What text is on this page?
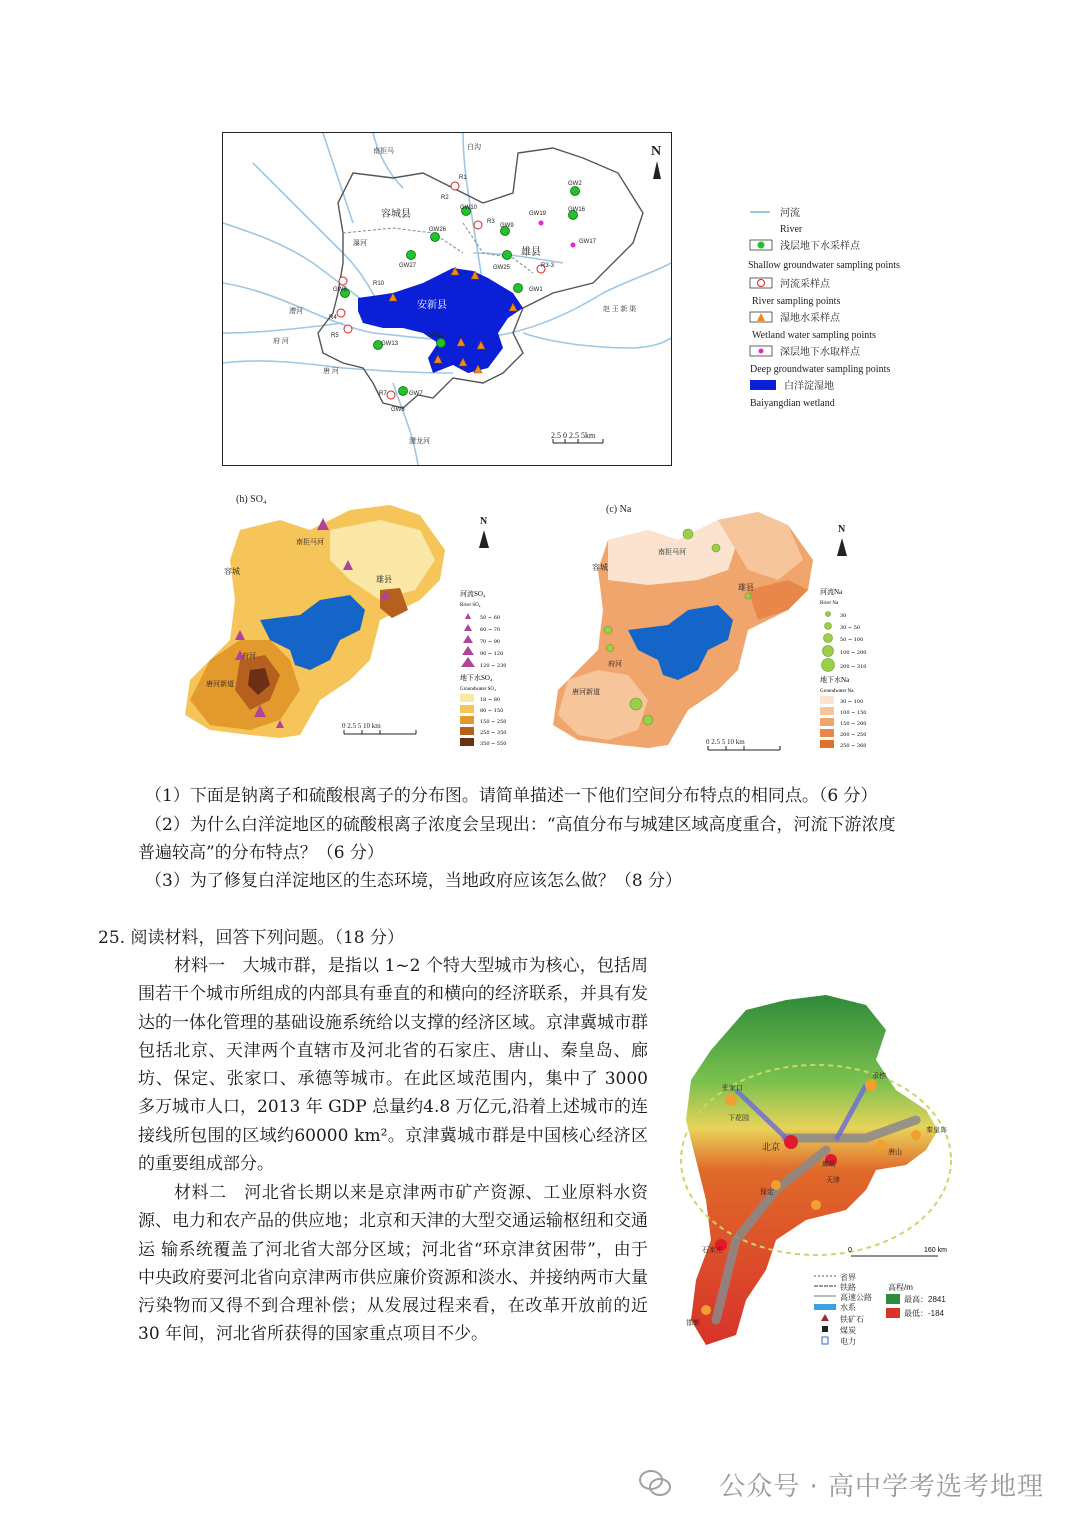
容城县
安新县
雄县
N
R1
R2
GW10
GW26
GW9
GW2
GW16
GW19
GW17
R3
GW25	R3-3
GW27
R10
GW6
R4
R5	GW11
GW13
GW1
R7	GW7
GW8
瀑河
漕河
唐 河
府 河
赵 王 新 渠
潴龙河
白沟
南拒马
2.5 0 2.5 5km
河流
River
浅层地下水采样点
Shallow groundwater sampling points
河流采样点
River sampling points
湿地水采样点
Wetland water sampling points
深层地下水取样点
Deep groundwater sampling points
白洋淀湿地
Baiyangdian wetland
(h) SO₄
容城
雄县
府河
唐河新道
南拒马河
N
0 2.5 5 10 km
河流SO₄
River SO₄
50 ~ 60
60 ~ 70
70 ~ 90
90 ~ 120
120 ~ 230
地下水SO₄
Groundwater SO₄
18 ~ 80
80 ~ 150
150 ~ 250
250 ~ 350
350 ~ 550
(c) Na
容城
雄县
府河
唐河新道
南拒马河
N
0 2.5 5 10 km
河流Na
River Na
30
30 ~ 50
50 ~ 100
100 ~ 200
200 ~ 310
地下水Na
Groundwater Na
30 ~ 100
100 ~ 150
150 ~ 200
200 ~ 250
250 ~ 360
（1）下面是钠离子和硫酸根离子的分布图。请简单描述一下他们空间分布特点的相同点。（6 分）
（2）为什么白洋淀地区的硫酸根离子浓度会呈现出：“高值分布与城建区域高度重合，河流下游浓度
普遍较高”的分布特点？（6 分）
（3）为了修复白洋淀地区的生态环境，当地政府应该怎么做？（8 分）
25. 阅读材料，回答下列问题。（18 分）
材料一　大城市群，是指以 1~2 个特大型城市为核心，包括周围若干个城市所组成的内部具有垂直的和横向的经济联系，并具有发达的一体化管理的基础设施系统给以支撑的经济区域。京津冀城市群包括北京、天津两个直辖市及河北省的石家庄、唐山、秦皇岛、廊坊、保定、张家口、承德等城市。在此区域范围内，集中了 3000 多万城市人口，2013 年 GDP 总量约4.8 万亿元,沿着上述城市的连接线所包围的区域约60000 km²。京津冀城市群是中国核心经济区的重要组成部分。
材料二　河北省长期以来是京津两市矿产资源、工业原料水资源、电力和农产品的供应地；北京和天津的大型交通运输枢纽和交通运 输系统覆盖了河北省大部分区域；河北省“环京津贫困带”，由于中央政府要河北省向京津两市供应廉价资源和淡水、并接纳两市大量污染物而又得不到合理补偿；从发展过程来看，在改革开放前的近 30 年间，河北省所获得的国家重点项目不少。
张家口
承德
北京
天津
秦皇岛
保定
廊坊
唐山
石家庄
邯郸
下花园
0	160 km
省界
铁路
高速公路
水系
铁矿石
煤炭
电力
高程/m
最高：2841
最低：-184
公众号 · 高中学考选考地理
